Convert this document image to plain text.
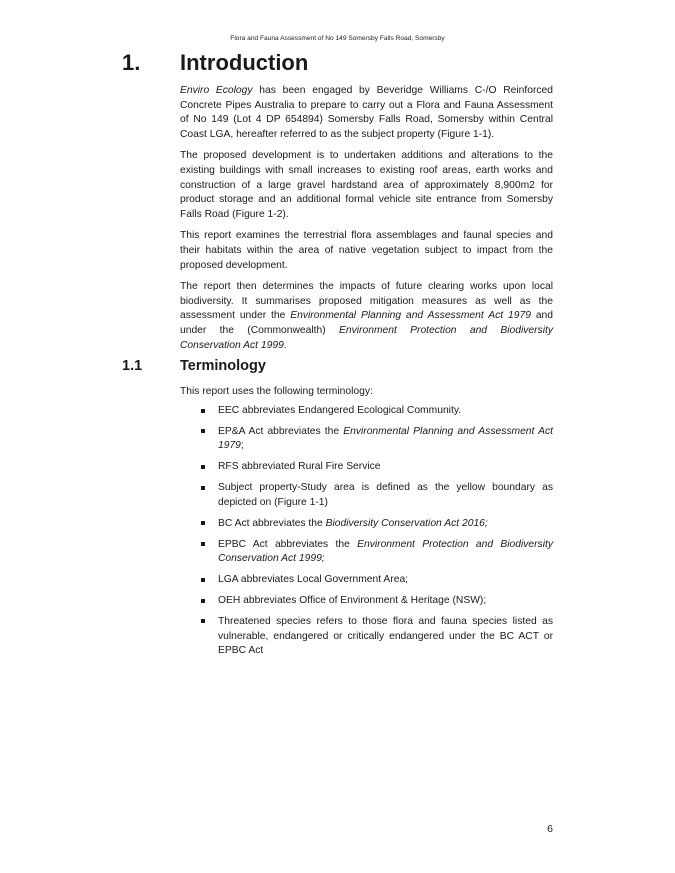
Flora and Fauna Assessment of No 149 Somersby Falls Road, Somersby
1. Introduction

Enviro Ecology has been engaged by Beveridge Williams C-/O Reinforced Concrete Pipes Australia to prepare to carry out a Flora and Fauna Assessment of No 149 (Lot 4 DP 654894) Somersby Falls Road, Somersby within Central Coast LGA, hereafter referred to as the subject property (Figure 1-1).

The proposed development is to undertaken additions and alterations to the existing buildings with small increases to existing roof areas, earth works and construction of a large gravel hardstand area of approximately 8,900m2 for product storage and an additional formal vehicle site entrance from Somersby Falls Road (Figure 1-2).

This report examines the terrestrial flora assemblages and faunal species and their habitats within the area of native vegetation subject to impact from the proposed development.

The report then determines the impacts of future clearing works upon local biodiversity. It summarises proposed mitigation measures as well as the assessment under the Environmental Planning and Assessment Act 1979 and under the (Commonwealth) Environment Protection and Biodiversity Conservation Act 1999.

1.1	Terminology

This report uses the following terminology:

EEC abbreviates Endangered Ecological Community.
EP&A Act abbreviates the Environmental Planning and Assessment Act 1979;
RFS abbreviated Rural Fire Service
Subject property-Study area is defined as the yellow boundary as depicted on (Figure 1-1)
BC Act abbreviates the Biodiversity Conservation Act 2016;
EPBC Act abbreviates the Environment Protection and Biodiversity Conservation Act 1999;
LGA abbreviates Local Government Area;
OEH abbreviates Office of Environment & Heritage (NSW);
Threatened species refers to those flora and fauna species listed as vulnerable, endangered or critically endangered under the BC ACT or EPBC Act
6
